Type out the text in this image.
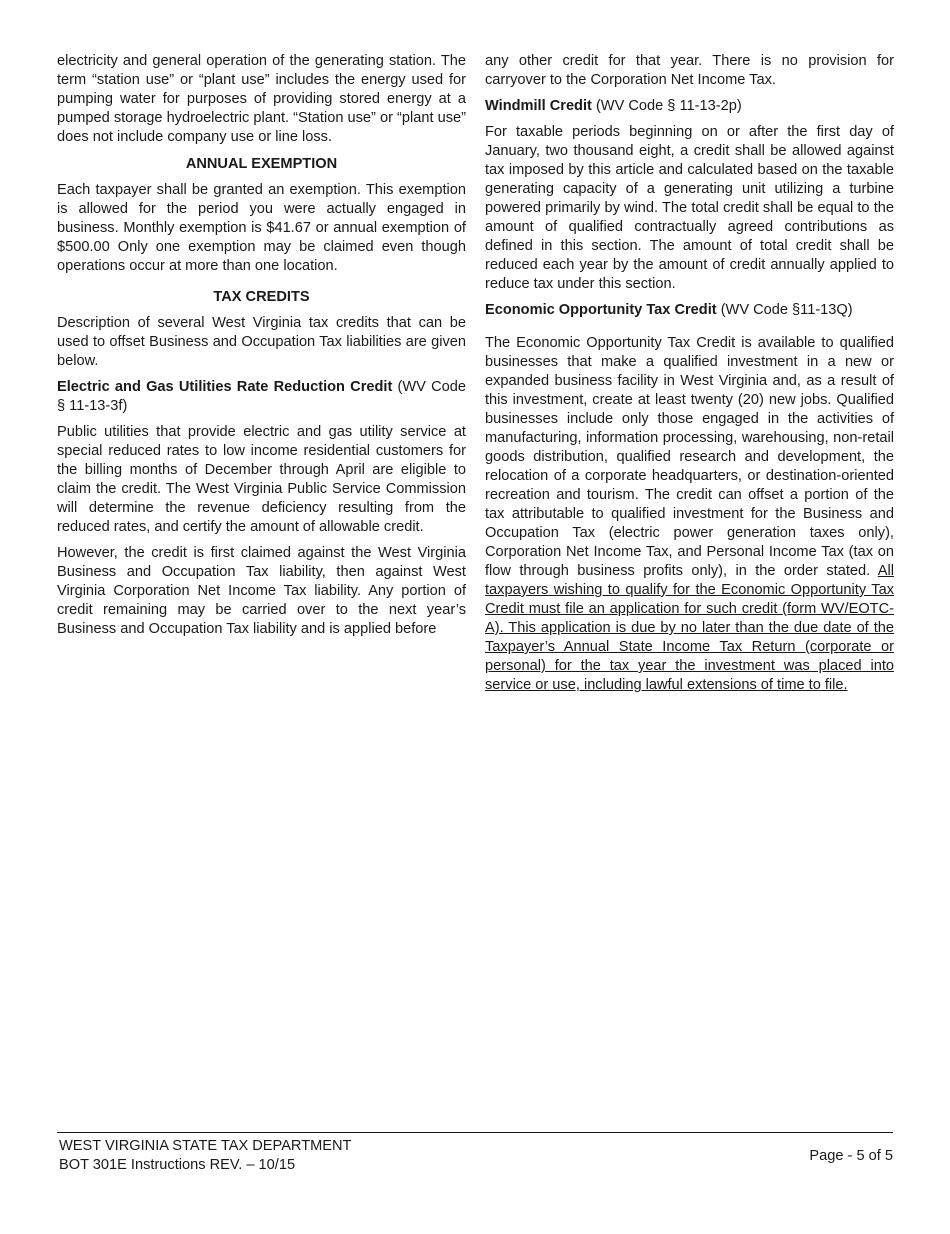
electricity and general operation of the generating station. The term “station use” or “plant use” includes the energy used for pumping water for purposes of providing stored energy at a pumped storage hydroelectric plant. “Station use” or “plant use” does not include company use or line loss.

ANNUAL EXEMPTION

Each taxpayer shall be granted an exemption. This exemption is allowed for the period you were actually engaged in business. Monthly exemption is $41.67 or annual exemption of $500.00 Only one exemption may be claimed even though operations occur at more than one location.

TAX CREDITS

Description of several West Virginia tax credits that can be used to offset Business and Occupation Tax liabilities are given below.

Electric and Gas Utilities Rate Reduction Credit (WV Code § 11-13-3f)

Public utilities that provide electric and gas utility service at special reduced rates to low income residential customers for the billing months of December through April are eligible to claim the credit. The West Virginia Public Service Commission will determine the revenue deficiency resulting from the reduced rates, and certify the amount of allowable credit.

However, the credit is first claimed against the West Virginia Business and Occupation Tax liability, then against West Virginia Corporation Net Income Tax liability. Any portion of credit remaining may be carried over to the next year’s Business and Occupation Tax liability and is applied before

any other credit for that year. There is no provision for carryover to the Corporation Net Income Tax.

Windmill Credit (WV Code § 11-13-2p)

For taxable periods beginning on or after the first day of January, two thousand eight, a credit shall be allowed against tax imposed by this article and calculated based on the taxable generating capacity of a generating unit utilizing a turbine powered primarily by wind. The total credit shall be equal to the amount of qualified contractually agreed contributions as defined in this section. The amount of total credit shall be reduced each year by the amount of credit annually applied to reduce tax under this section.

Economic Opportunity Tax Credit (WV Code §11-13Q)

The Economic Opportunity Tax Credit is available to qualified businesses that make a qualified investment in a new or expanded business facility in West Virginia and, as a result of this investment, create at least twenty (20) new jobs. Qualified businesses include only those engaged in the activities of manufacturing, information processing, warehousing, non-retail goods distribution, qualified research and development, the relocation of a corporate headquarters, or destination-oriented recreation and tourism. The credit can offset a portion of the tax attributable to qualified investment for the Business and Occupation Tax (electric power generation taxes only), Corporation Net Income Tax, and Personal Income Tax (tax on flow through business profits only), in the order stated. All taxpayers wishing to qualify for the Economic Opportunity Tax Credit must file an application for such credit (form WV/EOTC-A). This application is due by no later than the due date of the Taxpayer’s Annual State Income Tax Return (corporate or personal) for the tax year the investment was placed into service or use, including lawful extensions of time to file.

WEST VIRGINIA STATE TAX DEPARTMENT
BOT 301E Instructions REV. – 10/15
Page - 5 of 5
